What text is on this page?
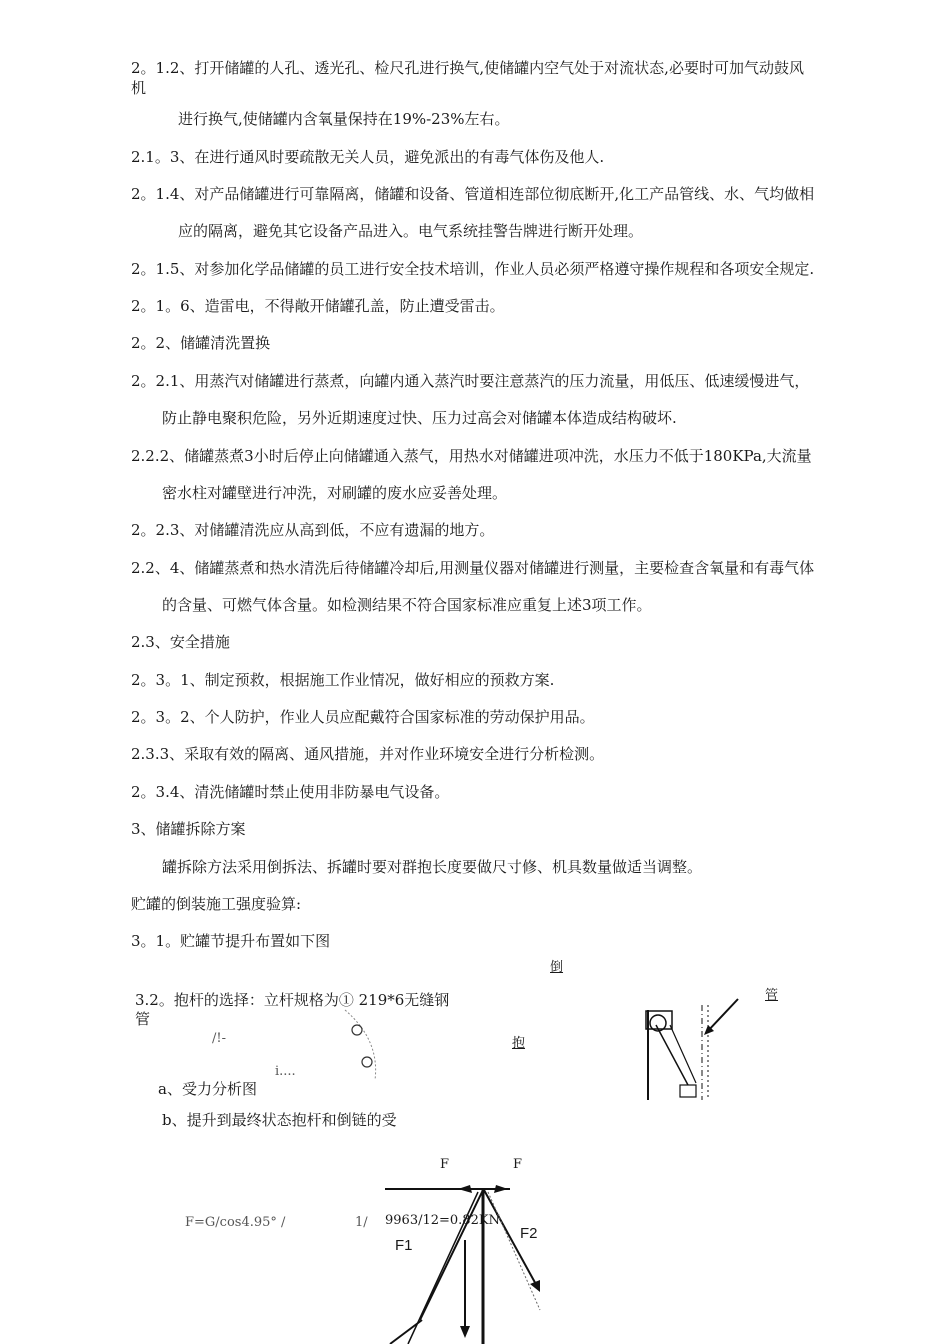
2。1.2、打开储罐的人孔、透光孔、检尺孔进行换气,使储罐内空气处于对流状态,必要时可加气动鼓风
机
进行换气,使储罐内含氧量保持在19%-23%左右。
2.1。3、在进行通风时要疏散无关人员，避免派出的有毒气体伤及他人.
2。1.4、对产品储罐进行可靠隔离，储罐和设备、管道相连部位彻底断开,化工产品管线、水、气均做相
应的隔离，避免其它设备产品进入。电气系统挂警告牌进行断开处理。
2。1.5、对参加化学品储罐的员工进行安全技术培训，作业人员必须严格遵守操作规程和各项安全规定.
2。1。6、造雷电，不得敞开储罐孔盖，防止遭受雷击。
2。2、储罐清洗置换
2。2.1、用蒸汽对储罐进行蒸煮，向罐内通入蒸汽时要注意蒸汽的压力流量，用低压、低速缓慢进气，
防止静电聚积危险，另外近期速度过快、压力过高会对储罐本体造成结构破坏.
2.2.2、储罐蒸煮3小时后停止向储罐通入蒸气，用热水对储罐进项冲洗，水压力不低于180KPa,大流量
密水柱对罐壁进行冲洗，对刷罐的废水应妥善处理。
2。2.3、对储罐清洗应从高到低，不应有遗漏的地方。
2.2、4、储罐蒸煮和热水清洗后待储罐冷却后,用测量仪器对储罐进行测量，主要检查含氧量和有毒气体
的含量、可燃气体含量。如检测结果不符合国家标准应重复上述3项工作。
2.3、安全措施
2。3。1、制定预救，根据施工作业情况，做好相应的预救方案.
2。3。2、个人防护，作业人员应配戴符合国家标准的劳动保护用品。
2.3.3、采取有效的隔离、通风措施，并对作业环境安全进行分析检测。
2。3.4、清洗储罐时禁止使用非防暴电气设备。
3、储罐拆除方案
罐拆除方法采用倒拆法、拆罐时要对群抱长度要做尺寸修、机具数量做适当调整。
贮罐的倒装施工强度验算:
3。1。贮罐节提升布置如下图
3.2。抱杆的选择：立杆规格为① 219*6无缝钢
管
a、受力分析图
b、提升到最终状态抱杆和倒链的受
/!-
i....
倒
管
抱
F	F
F=G/cos4.95° /	1/ 9963/12=0.82KN
F1
F2
